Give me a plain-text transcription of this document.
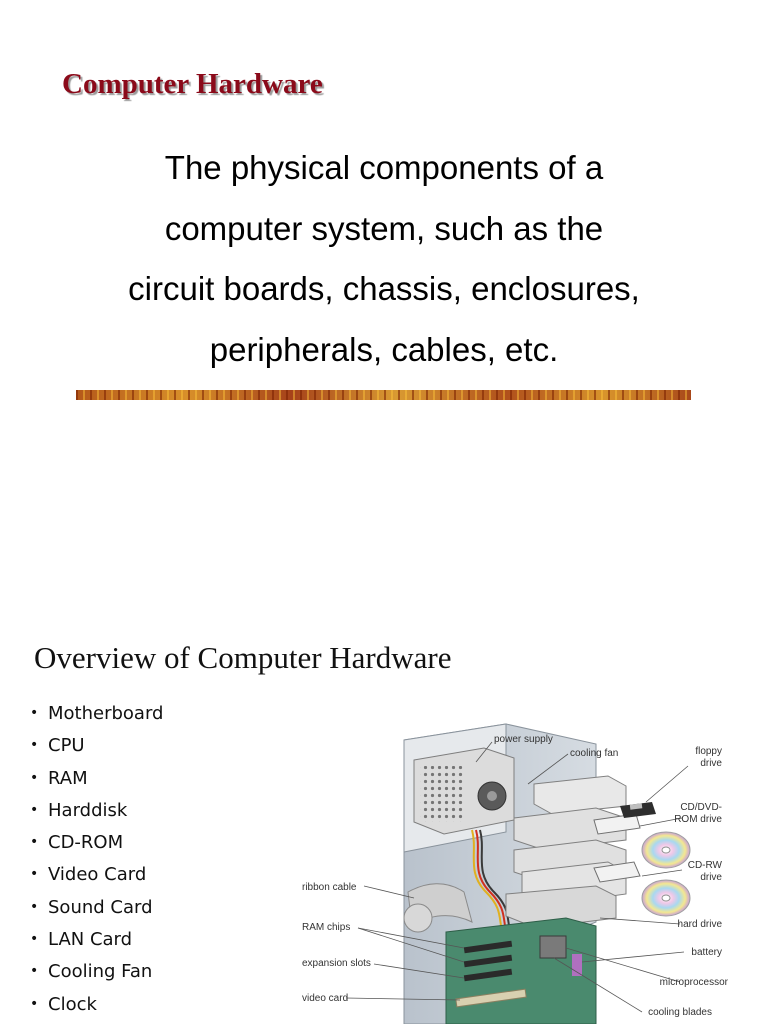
Computer Hardware
The physical components of a
computer system, such as the
circuit boards, chassis, enclosures,
peripherals, cables, etc.
Overview of Computer Hardware
• Motherboard
• CPU
• RAM
• Harddisk
• CD-ROM
• Video Card
• Sound Card
• LAN Card
• Cooling Fan
• Clock
power supply
cooling fan	floppy
drive
CD/DVD-
ROM drive
CD-RW
drive
ribbon cable
RAM chips	hard drive
battery
expansion slots
microprocessor
video card
cooling blades
